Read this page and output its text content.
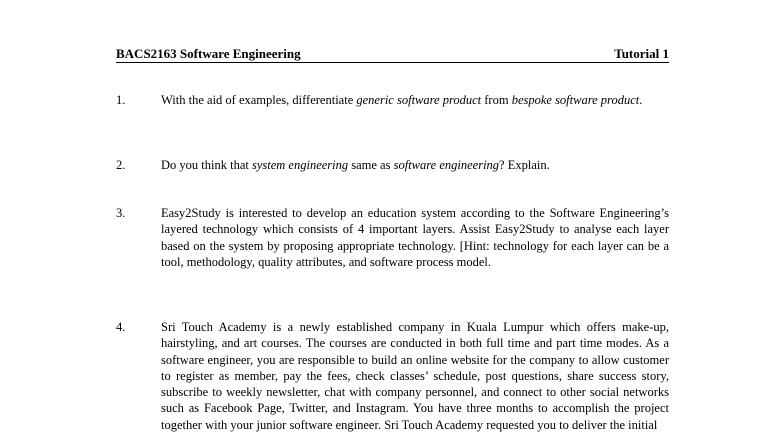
BACS2163 Software Engineering	Tutorial 1
1.	With the aid of examples, differentiate generic software product from bespoke software product.
2.	Do you think that system engineering same as software engineering? Explain.
3.	Easy2Study is interested to develop an education system according to the Software Engineering’s layered technology which consists of 4 important layers. Assist Easy2Study to analyse each layer based on the system by proposing appropriate technology. [Hint: technology for each layer can be a tool, methodology, quality attributes, and software process model.
4.	Sri Touch Academy is a newly established company in Kuala Lumpur which offers make-up, hairstyling, and art courses. The courses are conducted in both full time and part time modes. As a software engineer, you are responsible to build an online website for the company to allow customer to register as member, pay the fees, check classes’ schedule, post questions, share success story, subscribe to weekly newsletter, chat with company personnel, and connect to other social networks such as Facebook Page, Twitter, and Instagram. You have three months to accomplish the project together with your junior software engineer. Sri Touch Academy requested you to deliver the initial
